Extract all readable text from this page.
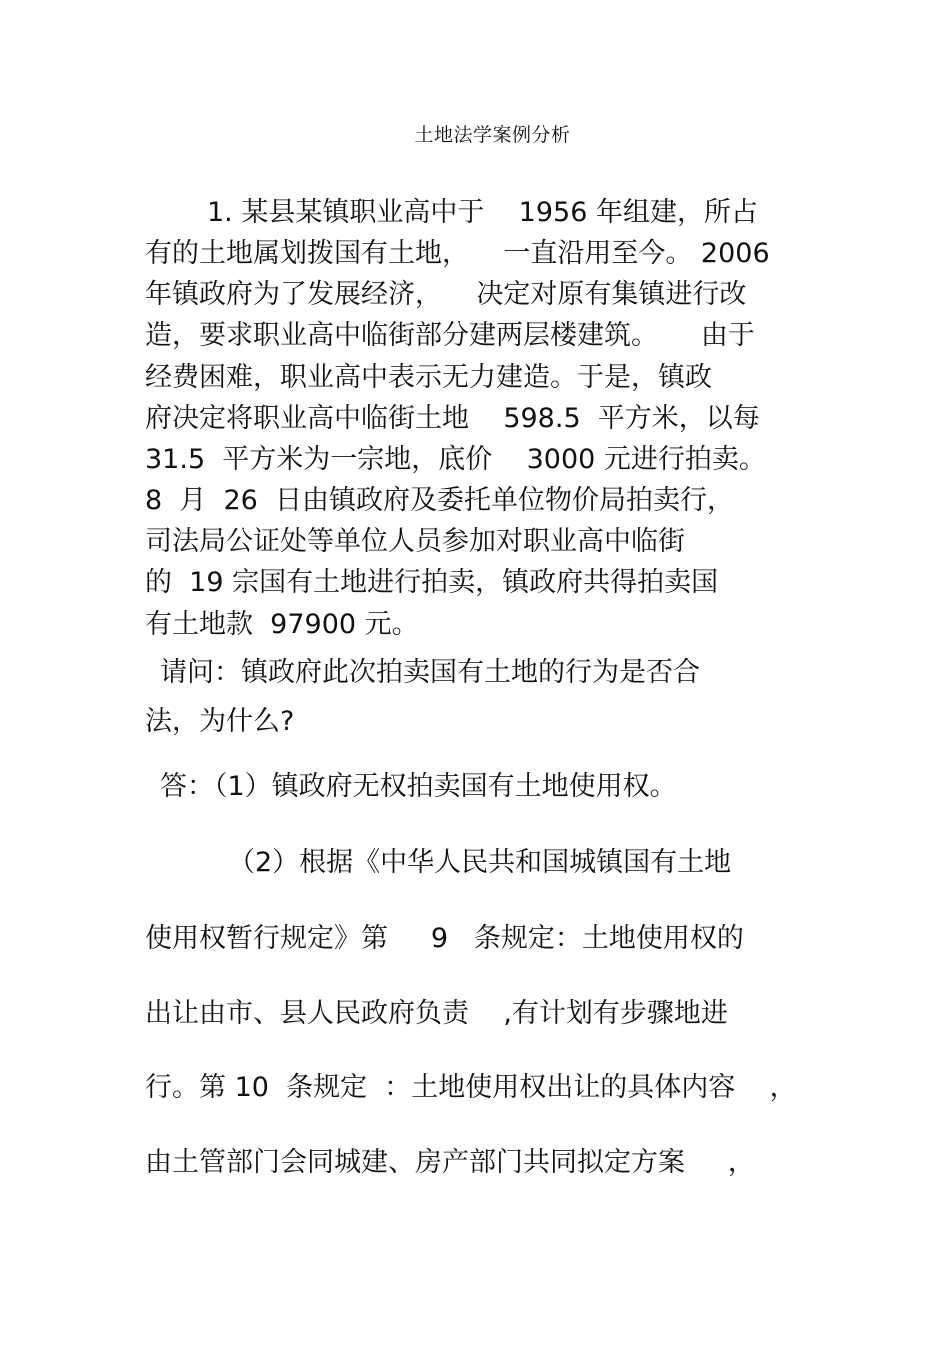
土地法学案例分析
1. 某县某镇职业高中于    1956 年组建，所占
有的土地属划拨国有土地，    一直沿用至今。 2006
年镇政府为了发展经济，    决定对原有集镇进行改
造，要求职业高中临街部分建两层楼建筑。     由于
经费困难，职业高中表示无力建造。于是，镇政
府决定将职业高中临街土地    598.5  平方米，以每
31.5  平方米为一宗地，底价    3000 元进行拍卖。
8  月  26  日由镇政府及委托单位物价局拍卖行，
司法局公证处等单位人员参加对职业高中临街
的  19 宗国有土地进行拍卖，镇政府共得拍卖国
有土地款  97900 元。
请问：镇政府此次拍卖国有土地的行为是否合
法，为什么?
答：（1）镇政府无权拍卖国有土地使用权。
（2）根据《中华人民共和国城镇国有土地
使用权暂行规定》第     9   条规定：土地使用权的
出让由市、县人民政府负责    ,有计划有步骤地进
行。第 10  条规定  ：土地使用权出让的具体内容    ，
由土管部门会同城建、房产部门共同拟定方案     ，
